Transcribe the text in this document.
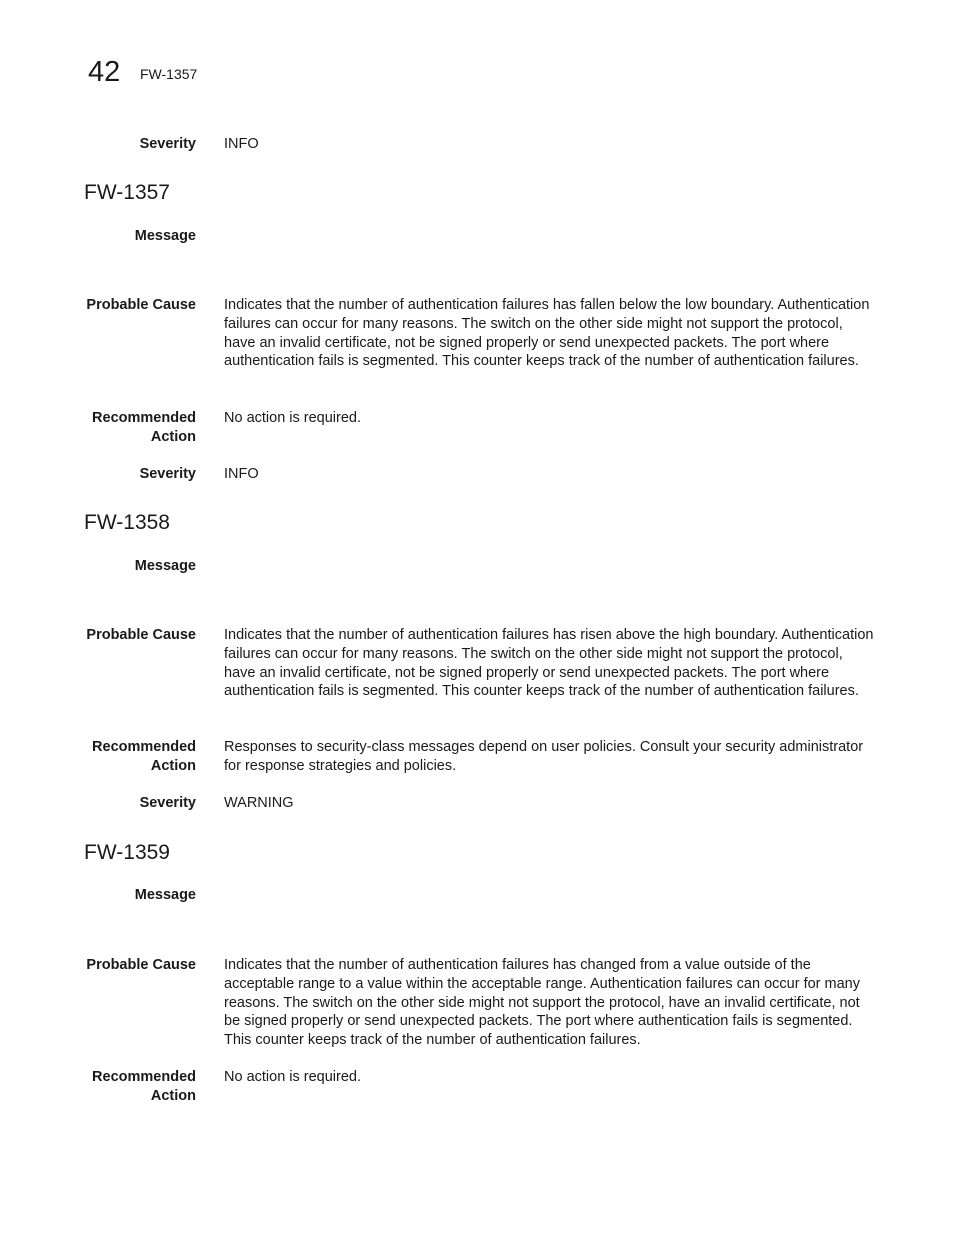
42 FW-1357
Severity INFO
FW-1357
Message
Probable Cause Indicates that the number of authentication failures has fallen below the low boundary. Authentication failures can occur for many reasons. The switch on the other side might not support the protocol, have an invalid certificate, not be signed properly or send unexpected packets. The port where authentication fails is segmented. This counter keeps track of the number of authentication failures.
Recommended
Action
No action is required.
Severity INFO
FW-1358
Message
Probable Cause Indicates that the number of authentication failures has risen above the high boundary. Authentication failures can occur for many reasons. The switch on the other side might not support the protocol, have an invalid certificate, not be signed properly or send unexpected packets. The port where authentication fails is segmented. This counter keeps track of the number of authentication failures.
Recommended
Action
Responses to security-class messages depend on user policies. Consult your security administrator for response strategies and policies.
Severity WARNING
FW-1359
Message
Probable Cause Indicates that the number of authentication failures has changed from a value outside of the acceptable range to a value within the acceptable range. Authentication failures can occur for many reasons. The switch on the other side might not support the protocol, have an invalid certificate, not be signed properly or send unexpected packets. The port where authentication fails is segmented. This counter keeps track of the number of authentication failures.
Recommended
Action
No action is required.
